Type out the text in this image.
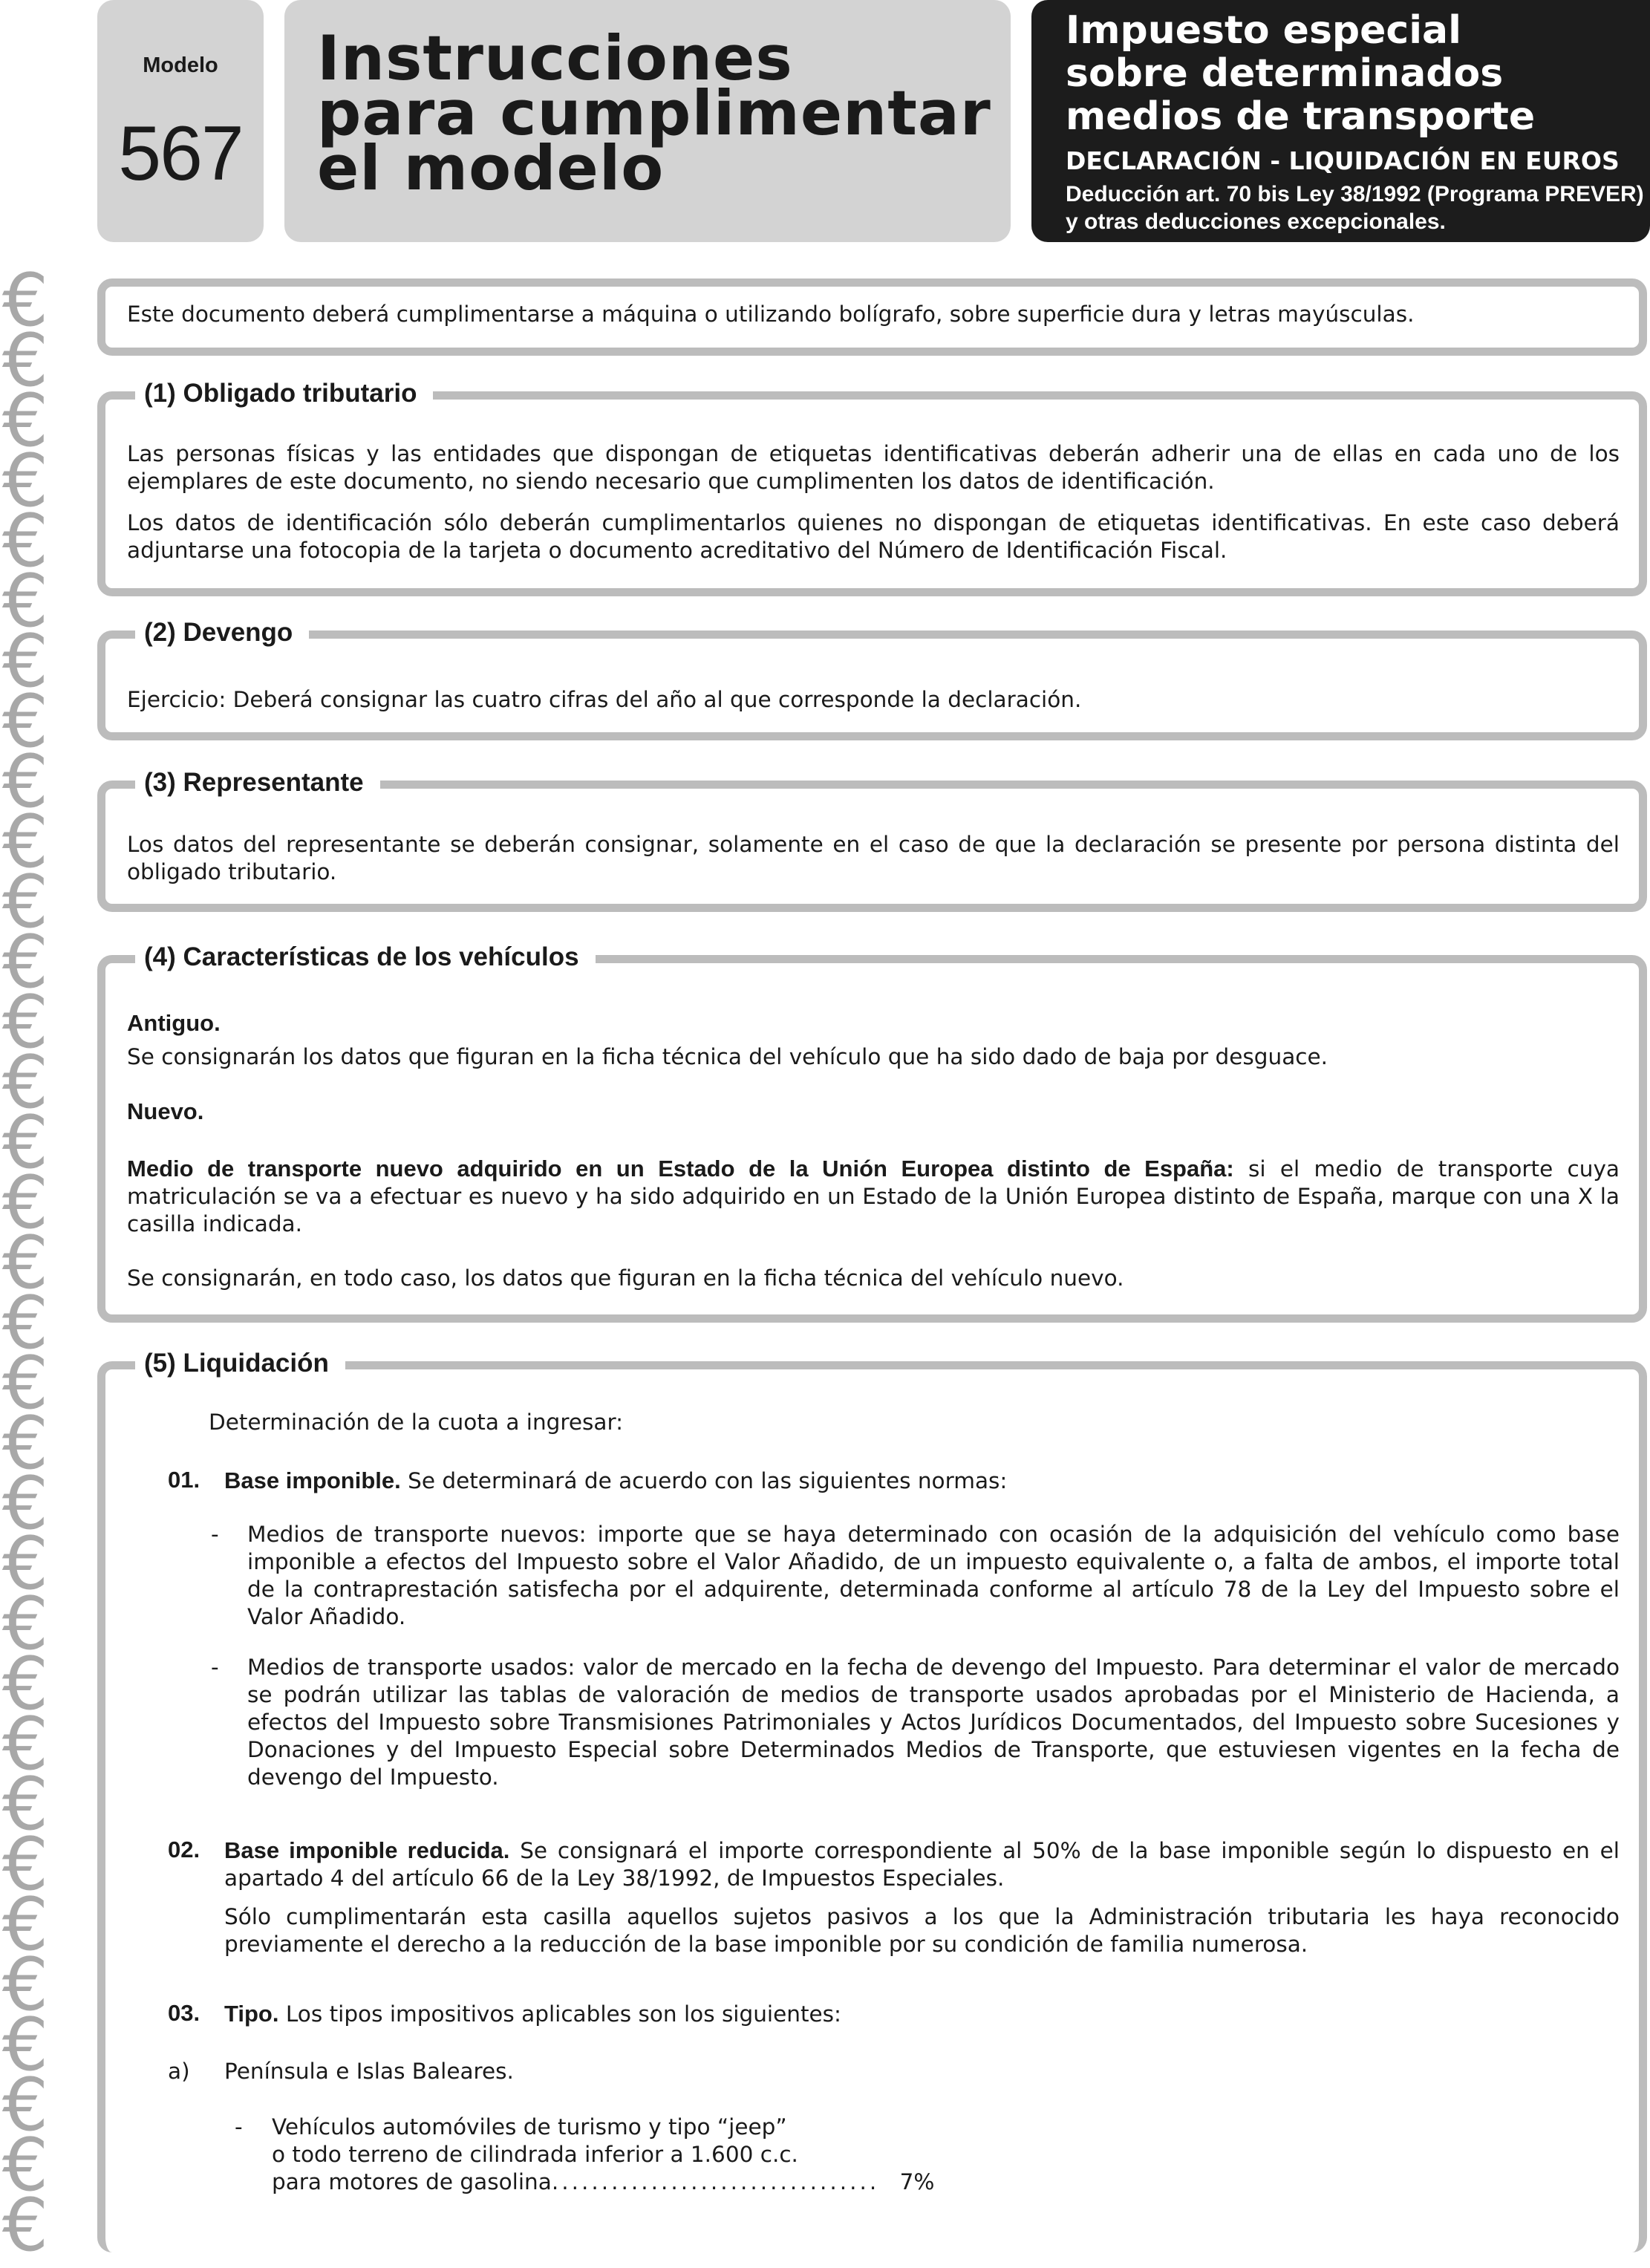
€
€
€
€
€
€
€
€
€
€
€
€
€
€
€
€
€
€
€
€
€
€
€
€
€
€
€
€
€
€
€
€
€
Modelo
567
Instrucciones
para cumplimentar
el modelo
Impuesto especial
sobre determinados
medios de transporte
DECLARACIÓN - LIQUIDACIÓN EN EUROS
Deducción art. 70 bis Ley 38/1992 (Programa PREVER)
y otras deducciones excepcionales.

Este documento deberá cumplimentarse a máquina o utilizando bolígrafo, sobre superficie dura y letras mayúsculas.

(1) Obligado tributario

Las personas físicas y las entidades que dispongan de etiquetas identificativas deberán adherir una de ellas en cada uno de los ejemplares de este documento, no siendo necesario que cumplimenten los datos de identificación.

Los datos de identificación sólo deberán cumplimentarlos quienes no dispongan de etiquetas identificativas. En este caso deberá adjuntarse una fotocopia de la tarjeta o documento acreditativo del Número de Identificación Fiscal.

(2) Devengo

Ejercicio: Deberá consignar las cuatro cifras del año al que corresponde la declaración.

(3) Representante

Los datos del representante se deberán consignar, solamente en el caso de que la declaración se presente por persona distinta del obligado tributario.

(4) Características de los vehículos
Antiguo.

Se consignarán los datos que figuran en la ficha técnica del vehículo que ha sido dado de baja por desguace.

Nuevo.

Medio de transporte nuevo adquirido en un Estado de la Unión Europea distinto de España: si el medio de transporte cuya matriculación se va a efectuar es nuevo y ha sido adquirido en un Estado de la Unión Europea distinto de España, marque con una X la casilla indicada.

Se consignarán, en todo caso, los datos que figuran en la ficha técnica del vehículo nuevo.

(5) Liquidación

Determinación de la cuota a ingresar:

01. Base imponible. Se determinará de acuerdo con las siguientes normas:

- Medios de transporte nuevos: importe que se haya determinado con ocasión de la adquisición del vehículo como base imponible a efectos del Impuesto sobre el Valor Añadido, de un impuesto equivalente o, a falta de ambos, el importe total de la contraprestación satisfecha por el adquirente, determinada conforme al artículo 78 de la Ley del Impuesto sobre el Valor Añadido.

- Medios de transporte usados: valor de mercado en la fecha de devengo del Impuesto. Para determinar el valor de mercado se podrán utilizar las tablas de valoración de medios de transporte usados aprobadas por el Ministerio de Hacienda, a efectos del Impuesto sobre Transmisiones Patrimoniales y Actos Jurídicos Documentados, del Impuesto sobre Sucesiones y Donaciones y del Impuesto Especial sobre Determinados Medios de Transporte, que estuviesen vigentes en la fecha de devengo del Impuesto.

02. Base imponible reducida. Se consignará el importe correspondiente al 50% de la base imponible según lo dispuesto en el apartado 4 del artículo 66 de la Ley 38/1992, de Impuestos Especiales.

Sólo cumplimentarán esta casilla aquellos sujetos pasivos a los que la Administración tributaria les haya reconocido previamente el derecho a la reducción de la base imponible por su condición de familia numerosa.

03. Tipo. Los tipos impositivos aplicables son los siguientes:

a) Península e Islas Baleares.
- Vehículos automóviles de turismo y tipo “jeep”
o todo terreno de cilindrada inferior a 1.600 c.c.
para motores de gasolina................................. 7%
